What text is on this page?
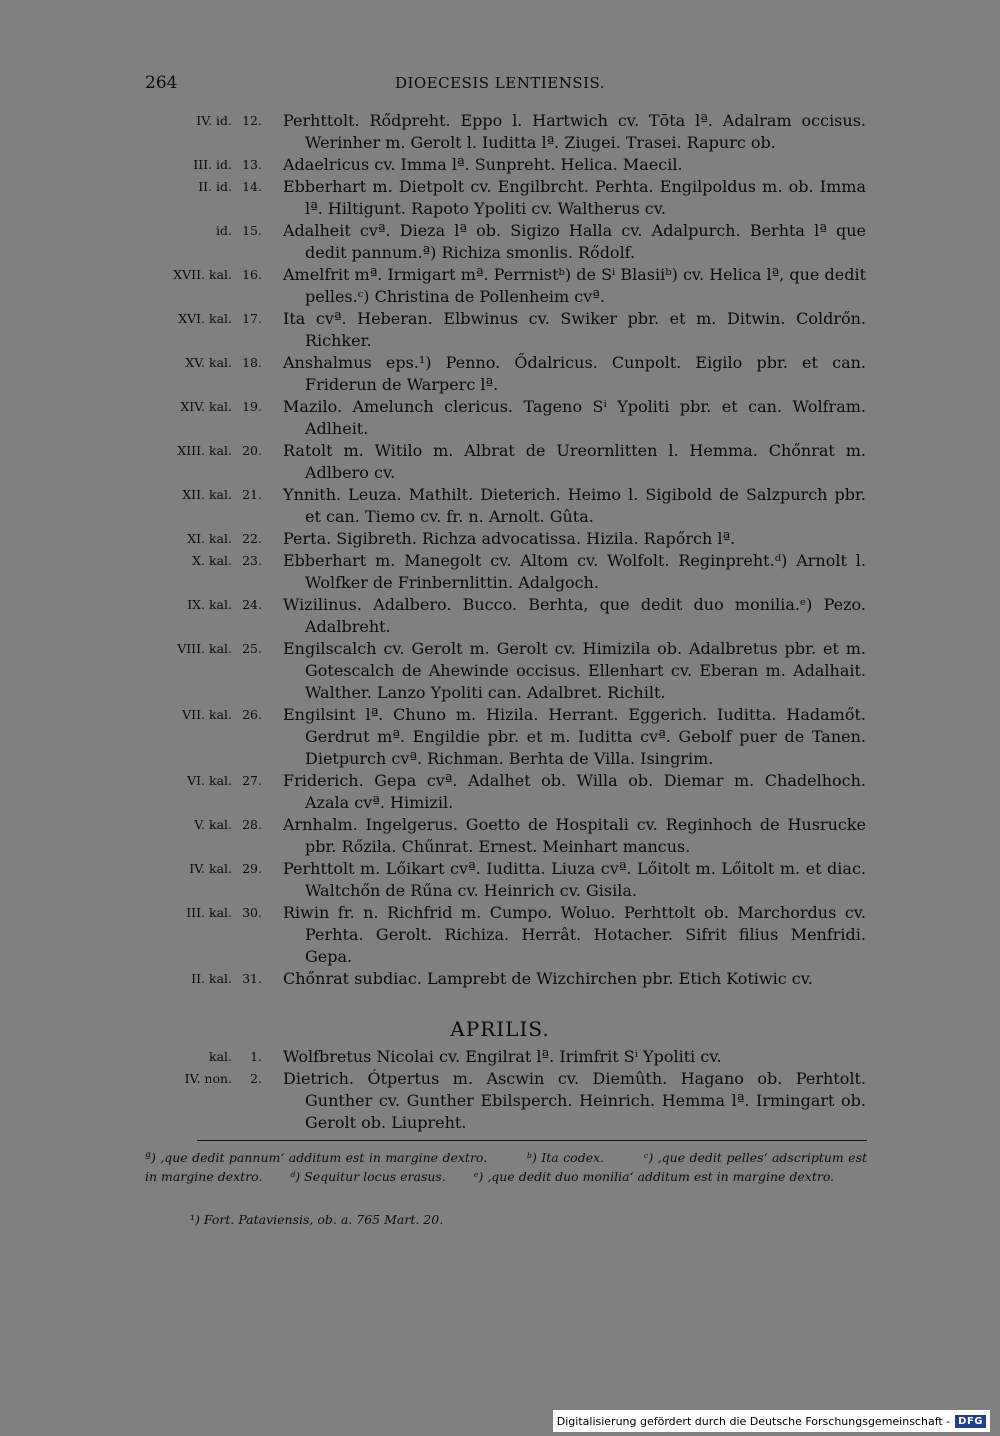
264	DIOECESIS LENTIENSIS.
IV. id. 12. Perhttolt. Rődpreht. Eppo l. Hartwich cv. Tōta lª. Adalram occisus. Werinher m. Gerolt l. Iuditta lª. Ziugei. Trasei. Rapurc ob.
III. id. 13. Adaelricus cv. Imma lª. Sunpreht. Helica. Maecil.
II. id. 14. Ebberhart m. Dietpolt cv. Engilbrcht. Perhta. Engilpoldus m. ob. Imma lª. Hiltigunt. Rapoto Ypoliti cv. Waltherus cv.
id. 15. Adalheit cvª. Dieza lª ob. Sigizo Halla cv. Adalpurch. Berhta lª que dedit pannum.ª) Richiza smonlis. Rődolf.
XVII. kal. 16. Amelfrit mª. Irmigart mª. Perrnistᵇ) de Sⁱ Blasiiᵇ) cv. Helica lª, que dedit pelles.ᶜ) Christina de Pollenheim cvª.
XVI. kal. 17. Ita cvª. Heberan. Elbwinus cv. Swiker pbr. et m. Ditwin. Coldrőn. Richker.
XV. kal. 18. Anshalmus eps.¹) Penno. Ődalricus. Cunpolt. Eigilo pbr. et can. Friderun de Warperc lª.
XIV. kal. 19. Mazilo. Amelunch clericus. Tageno Sⁱ Ypoliti pbr. et can. Wolfram. Adlheit.
XIII. kal. 20. Ratolt m. Witilo m. Albrat de Ureornlitten l. Hemma. Chőnrat m. Adlbero cv.
XII. kal. 21. Ynnith. Leuza. Mathilt. Dieterich. Heimo l. Sigibold de Salzpurch pbr. et can. Tiemo cv. fr. n. Arnolt. Gûta.
XI. kal. 22. Perta. Sigibreth. Richza advocatissa. Hizila. Rapőrch lª.
X. kal. 23. Ebberhart m. Manegolt cv. Altom cv. Wolfolt. Reginpreht.ᵈ) Arnolt l. Wolfker de Frinbernlittin. Adalgoch.
IX. kal. 24. Wizilinus. Adalbero. Bucco. Berhta, que dedit duo monilia.ᵉ) Pezo. Adalbreht.
VIII. kal. 25. Engilscalch cv. Gerolt m. Gerolt cv. Himizila ob. Adalbretus pbr. et m. Gotescalch de Ahewinde occisus. Ellenhart cv. Eberan m. Adalhait. Walther. Lanzo Ypoliti can. Adalbret. Richilt.
VII. kal. 26. Engilsint lª. Chuno m. Hizila. Herrant. Eggerich. Iuditta. Hadamőt. Gerdrut mª. Engildie pbr. et m. Iuditta cvª. Gebolf puer de Tanen. Dietpurch cvª. Richman. Berhta de Villa. Isingrim.
VI. kal. 27. Friderich. Gepa cvª. Adalhet ob. Willa ob. Diemar m. Chadelhoch. Azala cvª. Himizil.
V. kal. 28. Arnhalm. Ingelgerus. Goetto de Hospitali cv. Reginhoch de Husrucke pbr. Rőzila. Chűnrat. Ernest. Meinhart mancus.
IV. kal. 29. Perhttolt m. Lőikart cvª. Iuditta. Liuza cvª. Lőitolt m. Lőitolt m. et diac. Waltchőn de Rűna cv. Heinrich cv. Gisila.
III. kal. 30. Riwin fr. n. Richfrid m. Cumpo. Woluo. Perhttolt ob. Marchordus cv. Perhta. Gerolt. Richiza. Herrât. Hotacher. Sifrit filius Menfridi. Gepa.
II. kal. 31. Chőnrat subdiac. Lamprebt de Wizchirchen pbr. Etich Kotiwic cv.
APRILIS.
kal. 1. Wolfbretus Nicolai cv. Engilrat lª. Irimfrit Sⁱ Ypoliti cv.
IV. non. 2. Dietrich. Ótpertus m. Ascwin cv. Diemûth. Hagano ob. Perhtolt. Gunther cv. Gunther Ebilsperch. Heinrich. Hemma lª. Irmingart ob. Gerolt ob. Liupreht.
ª) ‚que dedit pannum‘ additum est in margine dextro.	ᵇ) Ita codex.	ᶜ) ‚que dedit pelles‘ adscriptum est in margine dextro. ᵈ) Sequitur locus erasus. ᵉ) ‚que dedit duo monilia‘ additum est in margine dextro.
¹) Fort. Pataviensis, ob. a. 765 Mart. 20.
Digitalisierung gefördert durch die Deutsche Forschungsgemeinschaft - DFG
